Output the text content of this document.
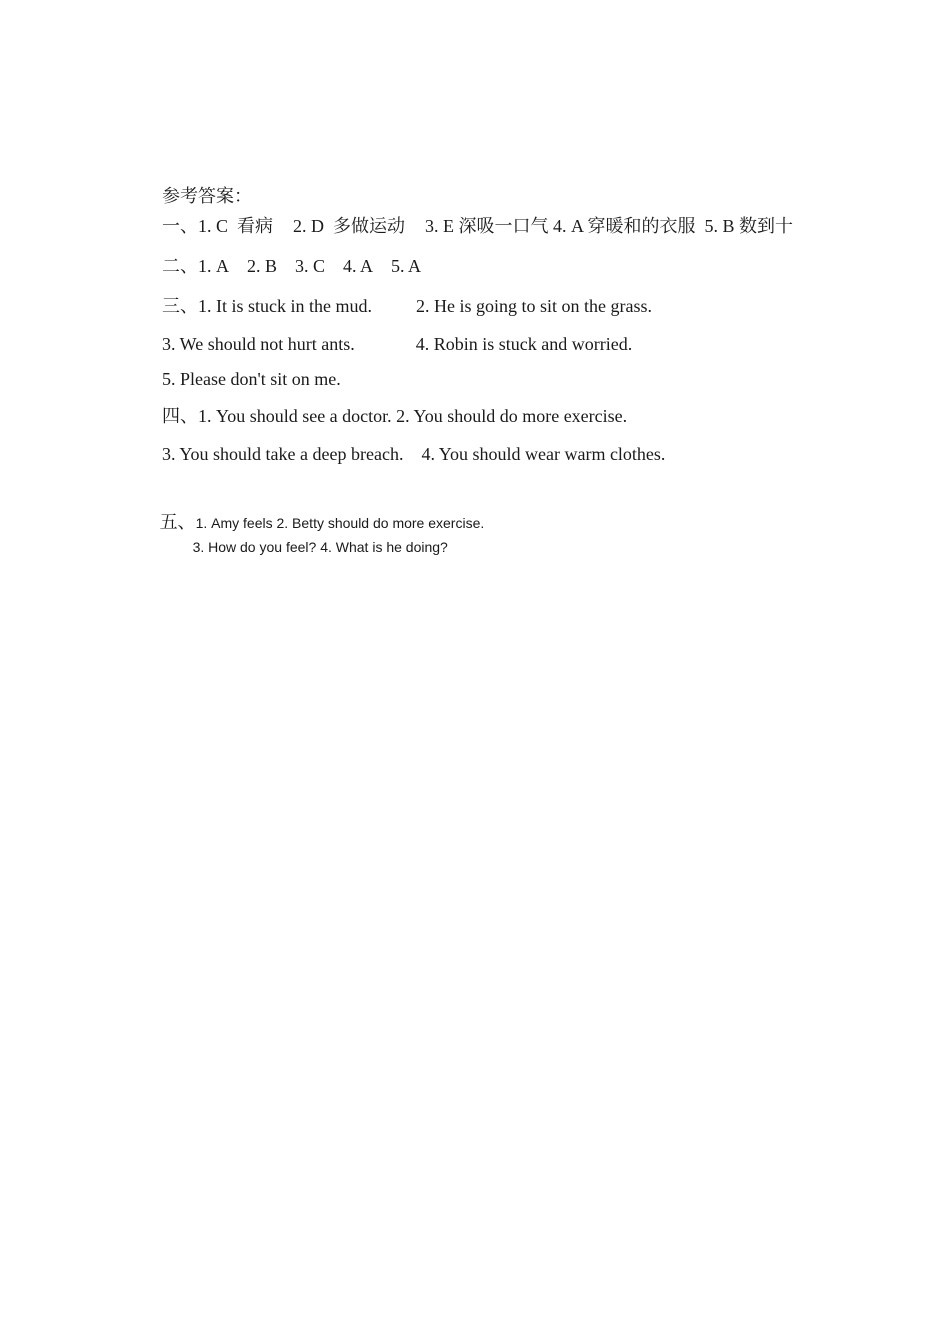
参考答案：

一、1. C  看病 2. D  多做运动 3. E 深吸一口气 4. A 穿暖和的衣服 5. B 数到十

二、1. A 2. B 3. C 4. A 5. A

三、1. It is stuck in the mud. 2. He is going to sit on the grass.

3. We should not hurt ants.	4. Robin is stuck and worried.

5. Please don't sit on me.

四、1. You should see a doctor. 2. You should do more exercise.

3. You should take a deep breach. 4. You should wear warm clothes.

五、1. Amy feels 2. Betty should do more exercise.

3. How do you feel? 4. What is he doing?
